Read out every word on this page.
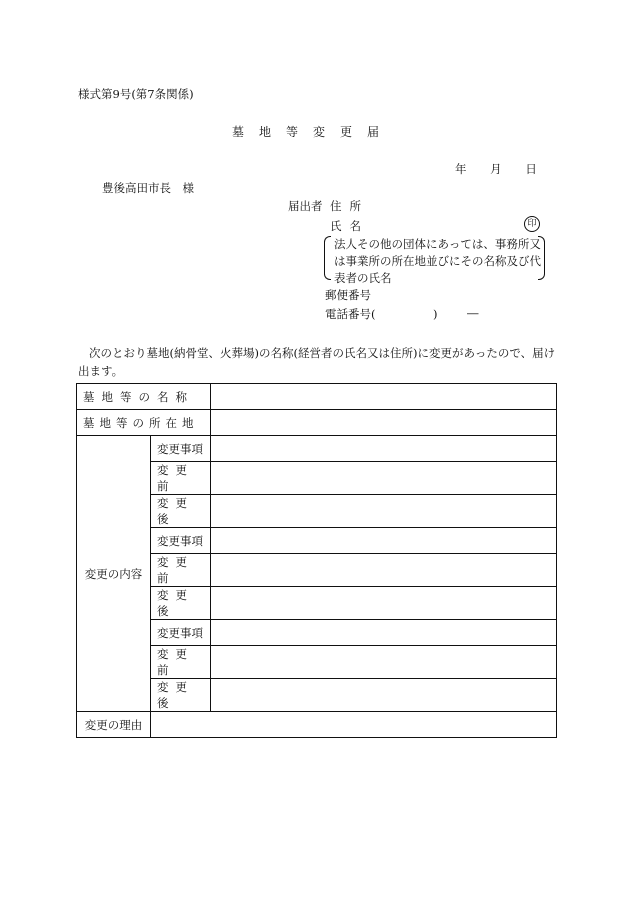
様式第9号(第7条関係)
墓地等変更届
年 月 日
豊後高田市長　様
届出者 住所
氏名	印
法人その他の団体にあっては、事務所又は事業所の所在地並びにその名称及び代表者の氏名
郵便番号
電話番号(　　　　　)	―
次のとおり墓地(納骨堂、火葬場)の名称(経営者の氏名又は住所)に変更があったので、届け出ます。
墓地等の名称		
墓地等の所在地		
変更の内容	変更事項	
	変更前	
	変更後	
	変更事項	
	変更前	
	変更後	
	変更事項	
	変更前	
	変更後	
変更の理由		
